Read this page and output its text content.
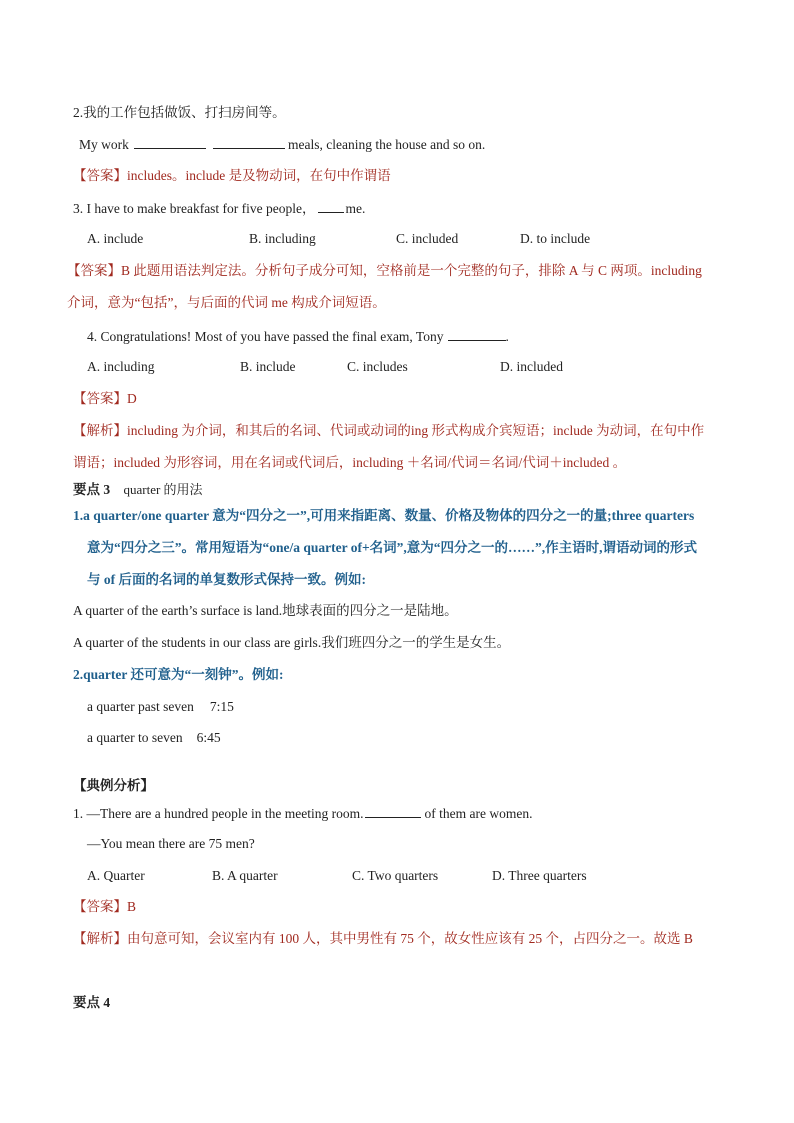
2.我的工作包括做饭、打扫房间等。
My work	meals, cleaning the house and so on.
【答案】includes。include 是及物动词，在句中作谓语
3. I have to make breakfast for five people， me.
A. include	B. including	C. included	D. to include
【答案】B 此题用语法判定法。分析句子成分可知，空格前是一个完整的句子，排除 A 与 C 两项。including
介词，意为“包括”，与后面的代词 me 构成介词短语。
4. Congratulations! Most of you have passed the final exam, Tony	.
A. including	B. include	C. includes	D. included
【答案】D
【解析】including 为介词，和其后的名词、代词或动词的ing 形式构成介宾短语；include 为动词，在句中作
谓语；included 为形容词，用在名词或代词后，including ＋名词/代词＝名词/代词＋included 。
要点 3 quarter 的用法
1.a quarter/one quarter 意为“四分之一”,可用来指距离、数量、价格及物体的四分之一的量;three quarters
意为“四分之三”。常用短语为“one/a quarter of+名词”,意为“四分之一的……”,作主语时,谓语动词的形式
与 of 后面的名词的单复数形式保持一致。例如:
A quarter of the earth’s surface is land.地球表面的四分之一是陆地。
A quarter of the students in our class are girls.我们班四分之一的学生是女生。
2.quarter 还可意为“一刻钟”。例如:
a quarter past seven 7:15
a quarter to seven 6:45
【典例分析】
1. —There are a hundred people in the meeting room.	of them are women.
—You mean there are 75 men?
A. Quarter	B. A quarter	C. Two quarters	D. Three quarters
【答案】B
【解析】由句意可知，会议室内有 100 人，其中男性有 75 个，故女性应该有 25 个，占四分之一。故选 B
要点 4
